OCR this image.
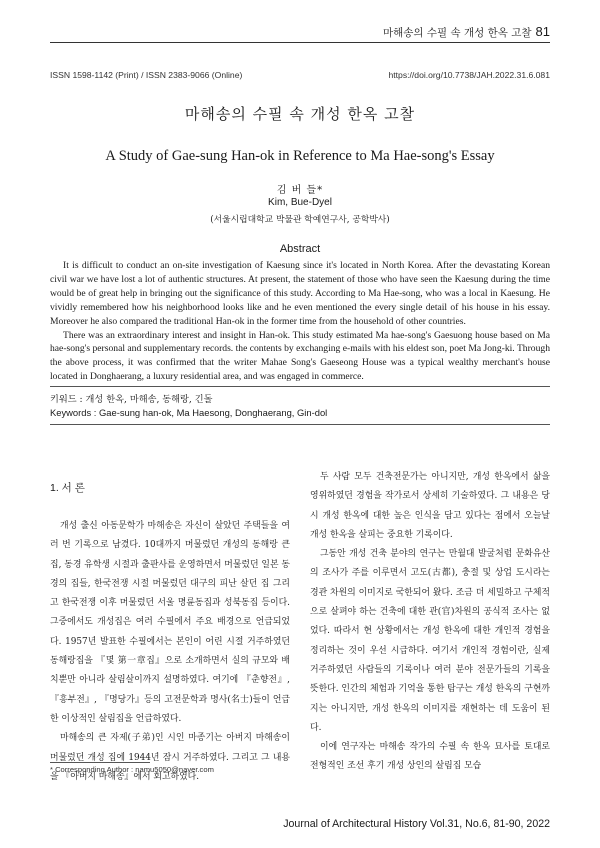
마해송의 수필 속 개성 한옥 고찰 81
ISSN 1598-1142 (Print) / ISSN 2383-9066 (Online)	https://doi.org/10.7738/JAH.2022.31.6.081
마해송의 수필 속 개성 한옥 고찰
A Study of Gae-sung Han-ok in Reference to Ma Hae-song's Essay
김 버 들*
Kim, Bue-Dyel
(서울시립대학교 박물관 학예연구사, 공학박사)
Abstract

It is difficult to conduct an on-site investigation of Kaesung since it's located in North Korea. After the devastating Korean civil war we have lost a lot of authentic structures. At present, the statement of those who have seen the Kaesung during the time would be of great help in bringing out the significance of this study. According to Ma Hae-song, who was a local in Kaesung. He vividly remembered how his neighborhood looks like and he even mentioned the every single detail of his house in his essay. Moreover he also compared the traditional Han-ok in the former time from the household of other countries.

There was an extraordinary interest and insight in Han-ok. This study estimated Ma hae-song's Gaesuong house based on Ma hae-song's personal and supplementary records. the contents by exchanging e-mails with his eldest son, poet Ma Jong-ki. Through the above process, it was confirmed that the writer Mahae Song's Gaeseong House was a typical wealthy merchant's house located in Donghaerang, a luxury residential area, and was engaged in commerce.

키워드 : 개성 한옥, 마해송, 동해랑, 긴돌
Keywords : Gae-sung han-ok, Ma Haesong, Donghaerang, Gin-dol
1. 서 론

개성 출신 아동문학가 마해송은 자신이 살았던 주택들을 여러 번 기록으로 남겼다. 10대까지 머물렀던 개성의 동해랑 큰 집, 동경 유학생 시절과 출판사를 운영하면서 머물렀던 일본 동경의 집들, 한국전쟁 시절 머물렀던 대구의 피난 살던 집 그리고 한국전쟁 이후 머물렀던 서울 명륜동집과 성북동집 등이다. 그중에서도 개성집은 여러 수필에서 주요 배경으로 언급되었다. 1957년 발표한 수필에서는 본인이 어린 시절 거주하였던 동해랑집을 『몇 第一章집』으로 소개하면서 실의 규모와 배치뿐만 아니라 살림살이까지 설명하였다. 여기에 『춘향전』, 『흥부전』, 『명당가』등의 고전문학과 명사(名士)들이 언급한 이상적인 살림집을 언급하였다.

마해송의 큰 자제(子弟)인 시인 마종기는 아버지 마해송이 머물렀던 개성 집에 1944년 잠시 거주하였다. 그리고 그 내용을 『아버지 마해송』에서 회고하였다.

두 사람 모두 건축전문가는 아니지만, 개성 한옥에서 삶을 영위하였던 경험을 작가로서 상세히 기술하였다. 그 내용은 당시 개성 한옥에 대한 높은 인식을 담고 있다는 점에서 오늘날 개성 한옥을 살피는 중요한 기록이다.

그동안 개성 건축 분야의 연구는 만월대 발굴처럼 문화유산의 조사가 주를 이루면서 고도(古都), 충절 및 상업 도시라는 경관 차원의 이미지로 국한되어 왔다. 조금 더 세밀하고 구체적으로 살펴야 하는 건축에 대한 관(官)차원의 공식적 조사는 없었다. 따라서 현 상황에서는 개성 한옥에 대한 개인적 경험을 정리하는 것이 우선 시급하다. 여기서 개인적 경험이란, 실제 거주하였던 사람들의 기록이나 여러 분야 전문가들의 기록을 뜻한다. 인간의 체험과 기억을 통한 탐구는 개성 한옥의 구현까지는 아니지만, 개성 한옥의 이미지를 재현하는 데 도움이 된다.

이에 연구자는 마해송 작가의 수필 속 한옥 묘사를 토대로 전형적인 조선 후기 개성 상인의 살림집 모습

* Corresponding Author : namu5050@naver.com
Journal of Architectural History Vol.31, No.6, 81-90, 2022
